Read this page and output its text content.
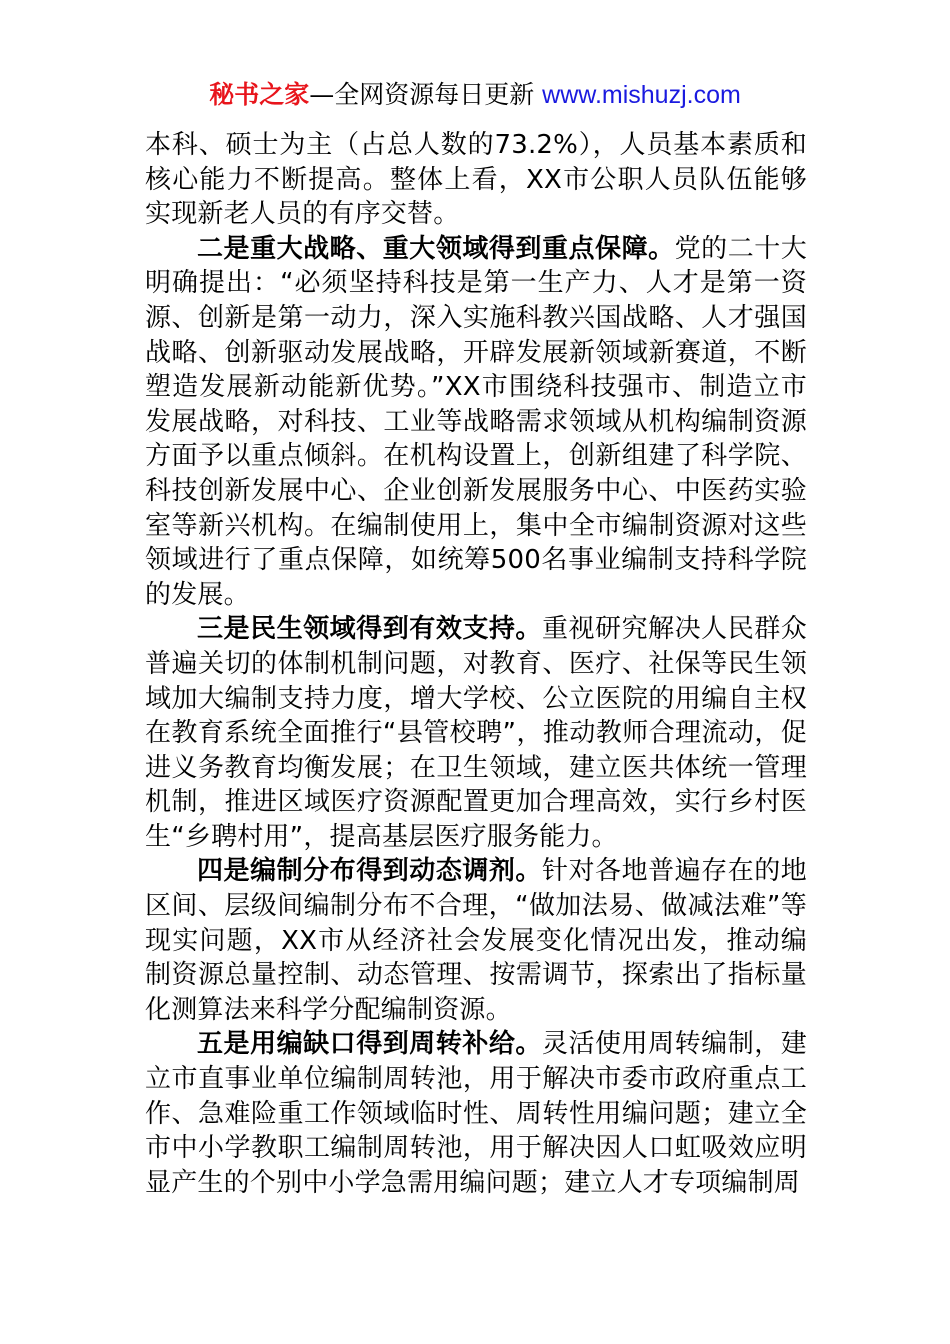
秘书之家—全网资源每日更新 www.mishuzj.com

本科、硕士为主（占总人数的73.2%），人员基本素质和核心能力不断提高。整体上看，XX市公职人员队伍能够实现新老人员的有序交替。

二是重大战略、重大领域得到重点保障。党的二十大明确提出：“必须坚持科技是第一生产力、人才是第一资源、创新是第一动力，深入实施科教兴国战略、人才强国战略、创新驱动发展战略，开辟发展新领域新赛道，不断塑造发展新动能新优势。”XX市围绕科技强市、制造立市发展战略，对科技、工业等战略需求领域从机构编制资源方面予以重点倾斜。在机构设置上，创新组建了科学院、科技创新发展中心、企业创新发展服务中心、中医药实验室等新兴机构。在编制使用上，集中全市编制资源对这些领域进行了重点保障，如统筹500名事业编制支持科学院的发展。

三是民生领域得到有效支持。重视研究解决人民群众普遍关切的体制机制问题，对教育、医疗、社保等民生领域加大编制支持力度，增大学校、公立医院的用编自主权在教育系统全面推行“县管校聘”，推动教师合理流动，促进义务教育均衡发展；在卫生领域，建立医共体统一管理机制，推进区域医疗资源配置更加合理高效，实行乡村医生“乡聘村用”，提高基层医疗服务能力。

四是编制分布得到动态调剂。针对各地普遍存在的地区间、层级间编制分布不合理，“做加法易、做减法难”等现实问题，XX市从经济社会发展变化情况出发，推动编制资源总量控制、动态管理、按需调节，探索出了指标量化测算法来科学分配编制资源。

五是用编缺口得到周转补给。灵活使用周转编制，建立市直事业单位编制周转池，用于解决市委市政府重点工作、急难险重工作领域临时性、周转性用编问题；建立全市中小学教职工编制周转池，用于解决因人口虹吸效应明显产生的个别中小学急需用编问题；建立人才专项编制周
